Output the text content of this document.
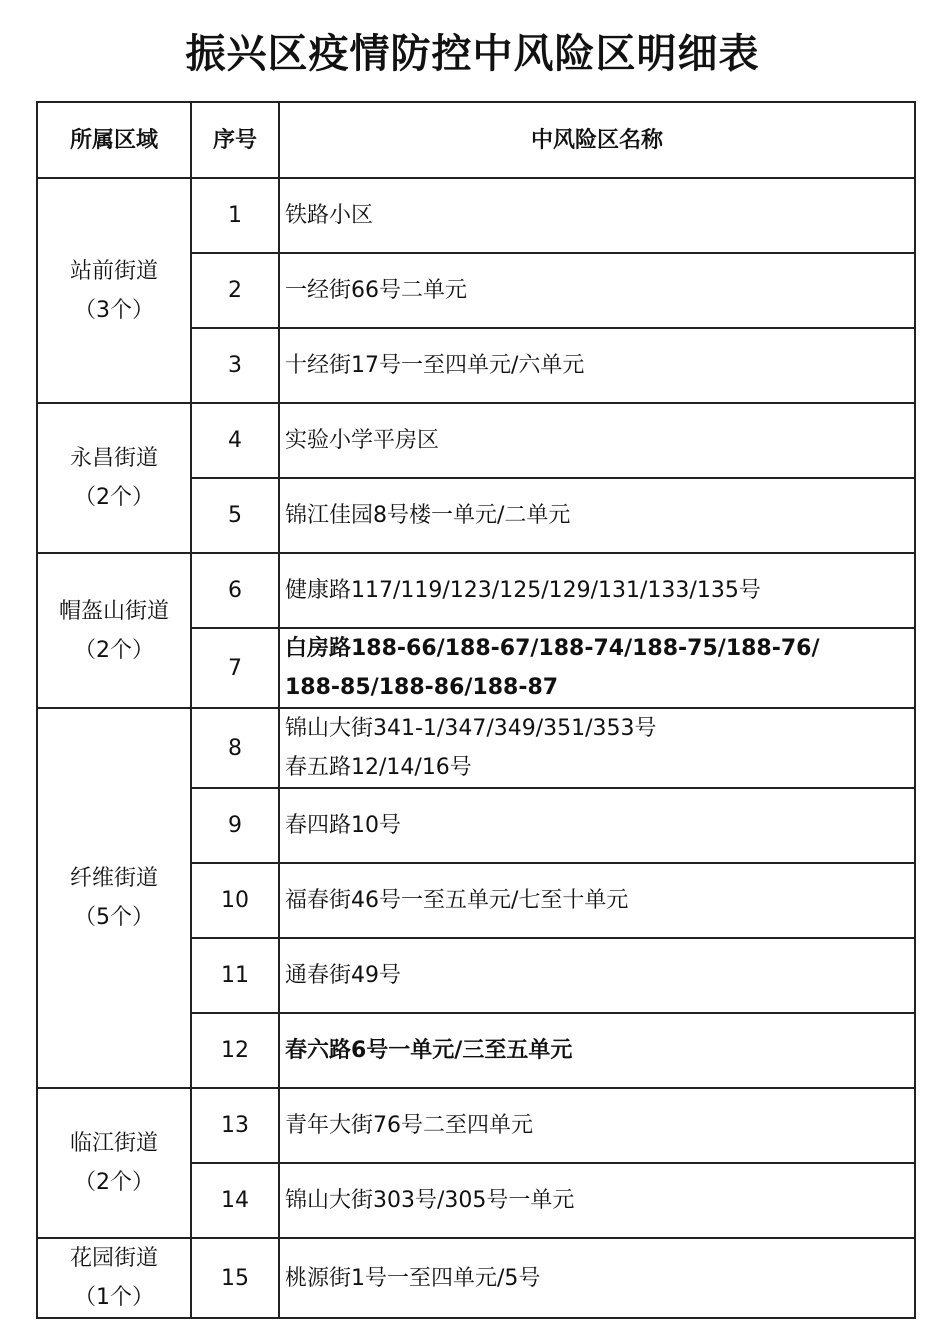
振兴区疫情防控中风险区明细表
所属区域	序号	中风险区名称

站前街道
（3个）	1	铁路小区

	2	一经街66号二单元

	3	十经街17号一至四单元/六单元

永昌街道
（2个）	4	实验小学平房区

	5	锦江佳园8号楼一单元/二单元

帽盔山街道
（2个）	6	健康路117/119/123/125/129/131/133/135号

	7	白房路188-66/188-67/188-74/188-75/188-76/
188-85/188-86/188-87

纤维街道
（5个）	8	锦山大街341-1/347/349/351/353号
春五路12/14/16号

	9	春四路10号

	10	福春街46号一至五单元/七至十单元

	11	通春街49号

	12	春六路6号一单元/三至五单元

临江街道
（2个）	13	青年大街76号二至四单元

	14	锦山大街303号/305号一单元

花园街道
（1个）	15	桃源街1号一至四单元/5号
